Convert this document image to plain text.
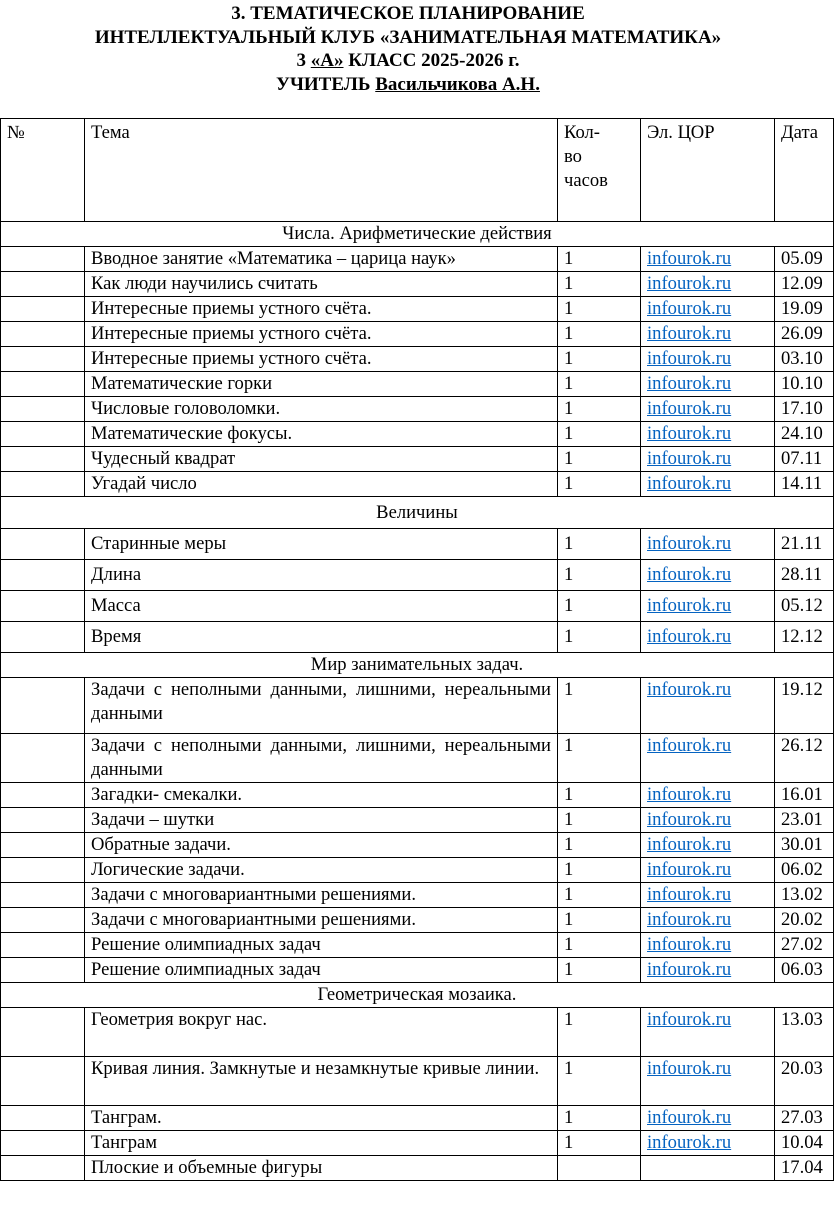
3. ТЕМАТИЧЕСКОЕ ПЛАНИРОВАНИЕ
ИНТЕЛЛЕКТУАЛЬНЫЙ КЛУБ «ЗАНИМАТЕЛЬНАЯ МАТЕМАТИКА»
3 «А» КЛАСС 2025-2026 г.
УЧИТЕЛЬ Васильчикова А.Н.
№	Тема	Кол-
во
часов	Эл. ЦОР	Дата
Числа. Арифметические действия				
	Вводное занятие «Математика – царица наук»	1	infourok.ru	05.09
	Как люди научились считать	1	infourok.ru	12.09
	Интересные приемы устного счёта.	1	infourok.ru	19.09
	Интересные приемы устного счёта.	1	infourok.ru	26.09
	Интересные приемы устного счёта.	1	infourok.ru	03.10
	Математические горки	1	infourok.ru	10.10
	Числовые головоломки.	1	infourok.ru	17.10
	Математические фокусы.	1	infourok.ru	24.10
	Чудесный квадрат	1	infourok.ru	07.11
	Угадай число	1	infourok.ru	14.11
Величины				
	Старинные меры	1	infourok.ru	21.11
	Длина	1	infourok.ru	28.11
	Масса	1	infourok.ru	05.12
	Время	1	infourok.ru	12.12
Мир занимательных задач.				
	Задачи с неполными данными, лишними, нереальными данными	1	infourok.ru	19.12
	Задачи с неполными данными, лишними, нереальными данными	1	infourok.ru	26.12
	Загадки- смекалки.	1	infourok.ru	16.01
	Задачи – шутки	1	infourok.ru	23.01
	Обратные задачи.	1	infourok.ru	30.01
	Логические задачи.	1	infourok.ru	06.02
	Задачи с многовариантными решениями.	1	infourok.ru	13.02
	Задачи с многовариантными решениями.	1	infourok.ru	20.02
	Решение олимпиадных задач	1	infourok.ru	27.02
	Решение олимпиадных задач	1	infourok.ru	06.03
Геометрическая мозаика.				
	Геометрия вокруг нас.	1	infourok.ru	13.03
	Кривая линия. Замкнутые и незамкнутые кривые линии.	1	infourok.ru	20.03
	Танграм.	1	infourok.ru	27.03
	Танграм	1	infourok.ru	10.04
	Плоские и объемные фигуры			17.04
